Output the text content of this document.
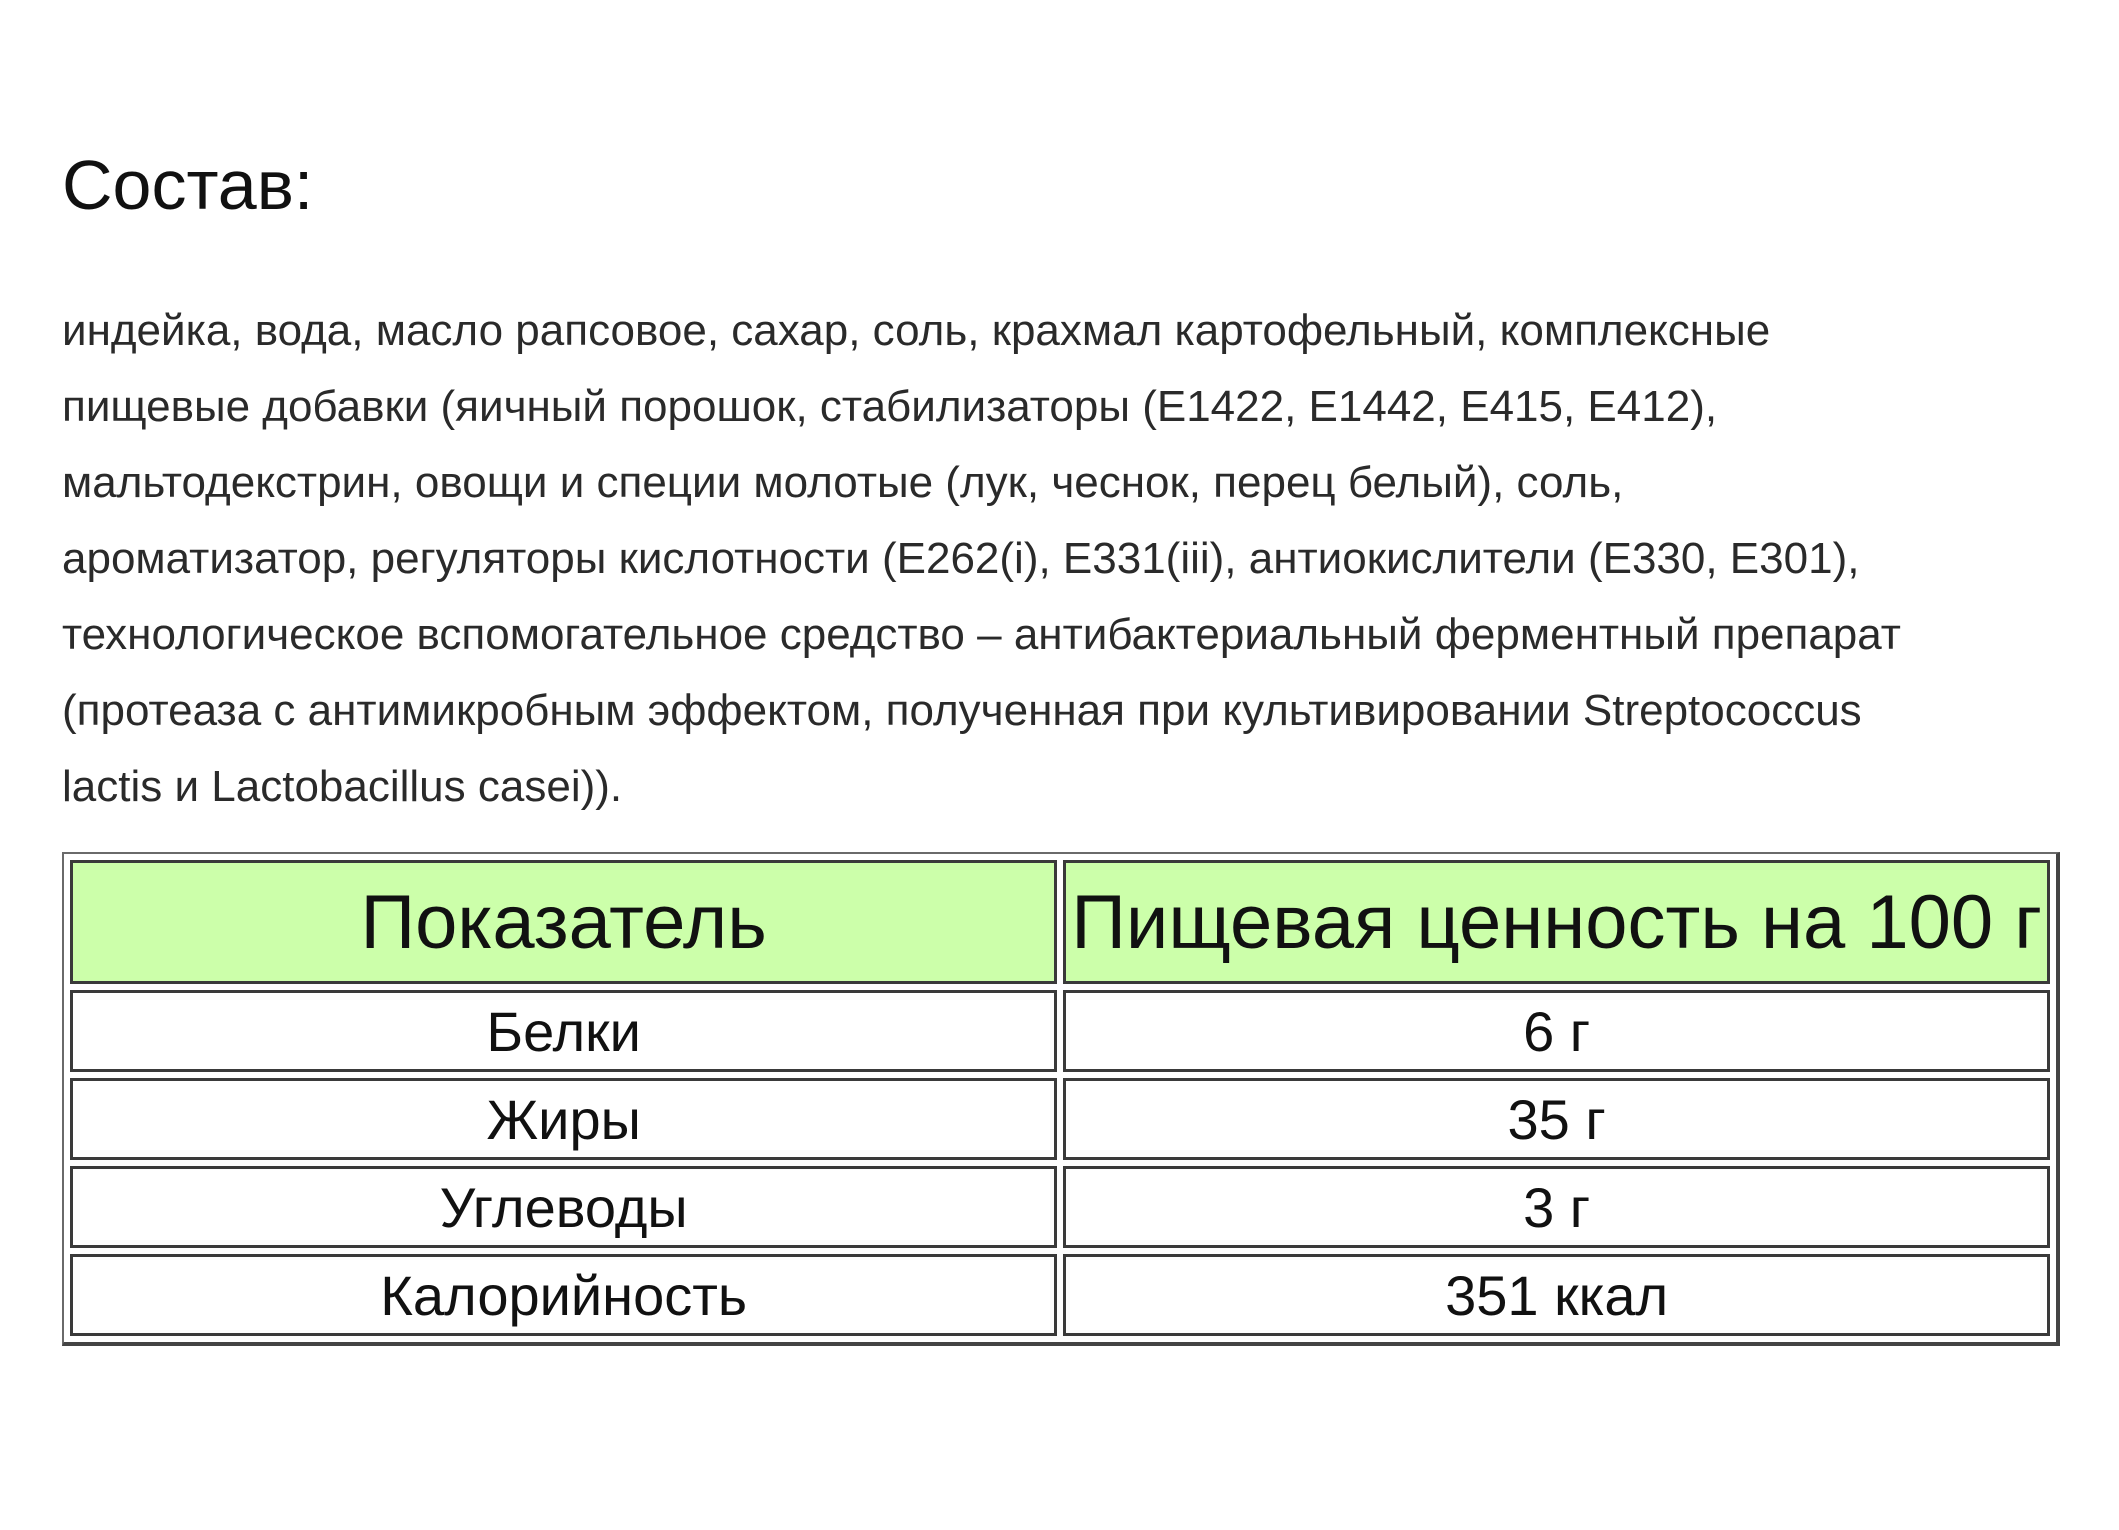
Состав:

индейка, вода, масло рапсовое, сахар, соль, крахмал картофельный, комплексные
пищевые добавки (яичный порошок, стабилизаторы (Е1422, Е1442, Е415, Е412),
мальтодекстрин, овощи и специи молотые (лук, чеснок, перец белый), соль,
ароматизатор, регуляторы кислотности (Е262(i), Е331(iii), антиокислители (Е330, Е301),
технологическое вспомогательное средство – антибактериальный ферментный препарат
(протеаза с антимикробным эффектом, полученная при культивировании Streptococcus
lactis и Lactobacillus casei)).

Показатель	Пищевая ценность на 100 г
Белки	6 г
Жиры	35 г
Углеводы	3 г
Калорийность	351 ккал
